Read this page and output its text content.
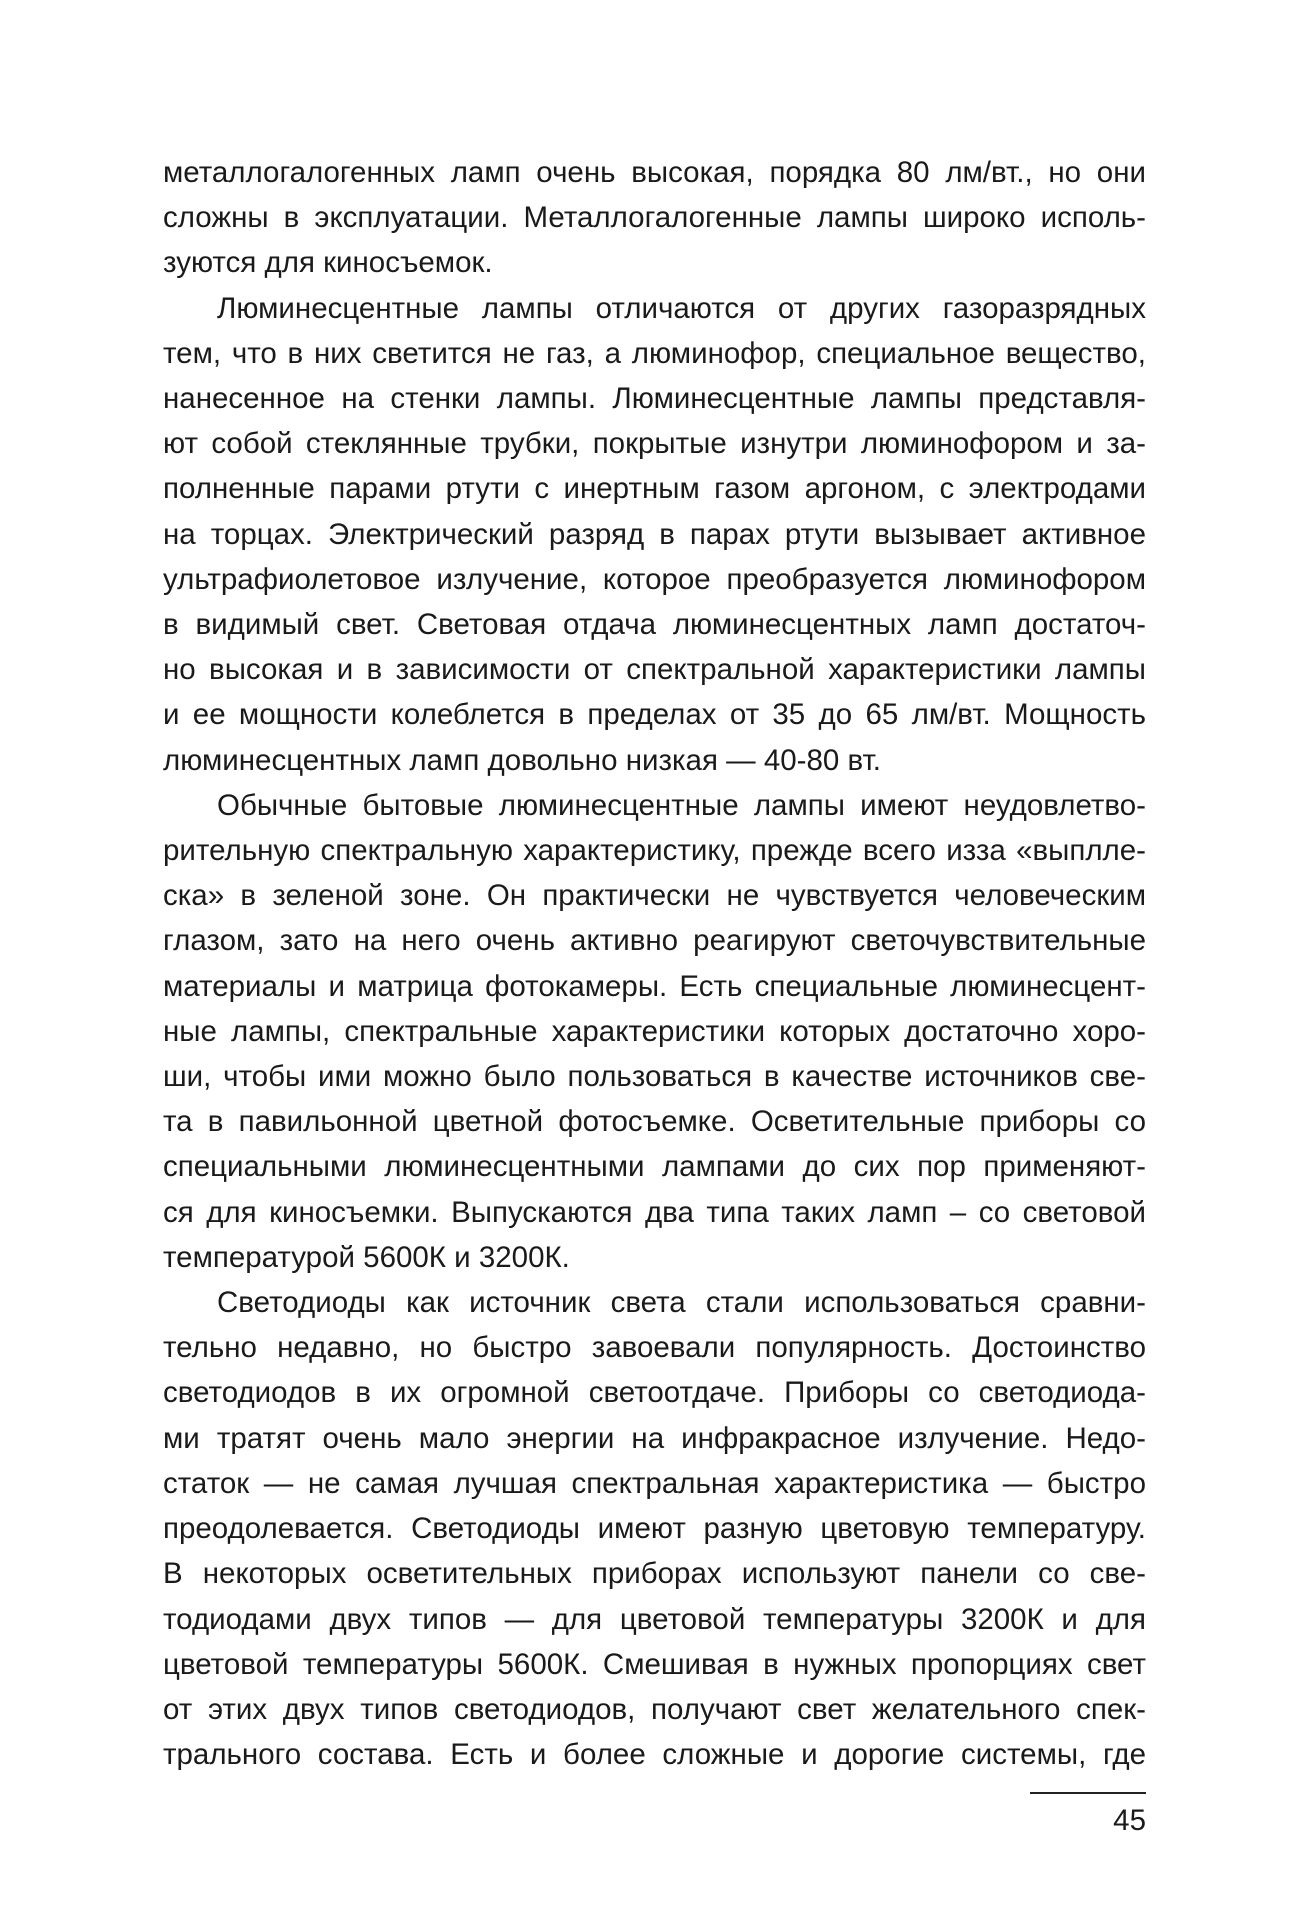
металлогалогенных ламп очень высокая, порядка 80 лм/вт., но они
сложны в эксплуатации. Металлогалогенные лампы широко исполь-
зуются для киносъемок.
Люминесцентные лампы отличаются от других газоразрядных
тем, что в них светится не газ, а люминофор, специальное вещество,
нанесенное на стенки лампы. Люминесцентные лампы представля-
ют собой стеклянные трубки, покрытые изнутри люминофором и за-
полненные парами ртути с инертным газом аргоном, с электродами
на торцах. Электрический разряд в парах ртути вызывает активное
ультрафиолетовое излучение, которое преобразуется люминофором
в видимый свет. Световая отдача люминесцентных ламп достаточ-
но высокая и в зависимости от спектральной характеристики лампы
и ее мощности колеблется в пределах от 35 до 65 лм/вт. Мощность
люминесцентных ламп довольно низкая — 40-80 вт.
Обычные бытовые люминесцентные лампы имеют неудовлетво-
рительную спектральную характеристику, прежде всего изза «выплле-
ска» в зеленой зоне. Он практически не чувствуется человеческим
глазом, зато на него очень активно реагируют светочувствительные
материалы и матрица фотокамеры. Есть специальные люминесцент-
ные лампы, спектральные характеристики которых достаточно хоро-
ши, чтобы ими можно было пользоваться в качестве источников све-
та в павильонной цветной фотосъемке. Осветительные приборы со
специальными люминесцентными лампами до сих пор применяют-
ся для киносъемки. Выпускаются два типа таких ламп – со световой
температурой 5600К и 3200К.
Светодиоды как источник света стали использоваться сравни-
тельно недавно, но быстро завоевали популярность. Достоинство
светодиодов в их огромной светоотдаче. Приборы со светодиода-
ми тратят очень мало энергии на инфракрасное излучение. Недо-
статок — не самая лучшая спектральная характеристика — быстро
преодолевается. Светодиоды имеют разную цветовую температуру.
В некоторых осветительных приборах используют панели со све-
тодиодами двух типов — для цветовой температуры 3200К и для
цветовой температуры 5600К. Смешивая в нужных пропорциях свет
от этих двух типов светодиодов, получают свет желательного спек-
трального состава. Есть и более сложные и дорогие системы, где
45
